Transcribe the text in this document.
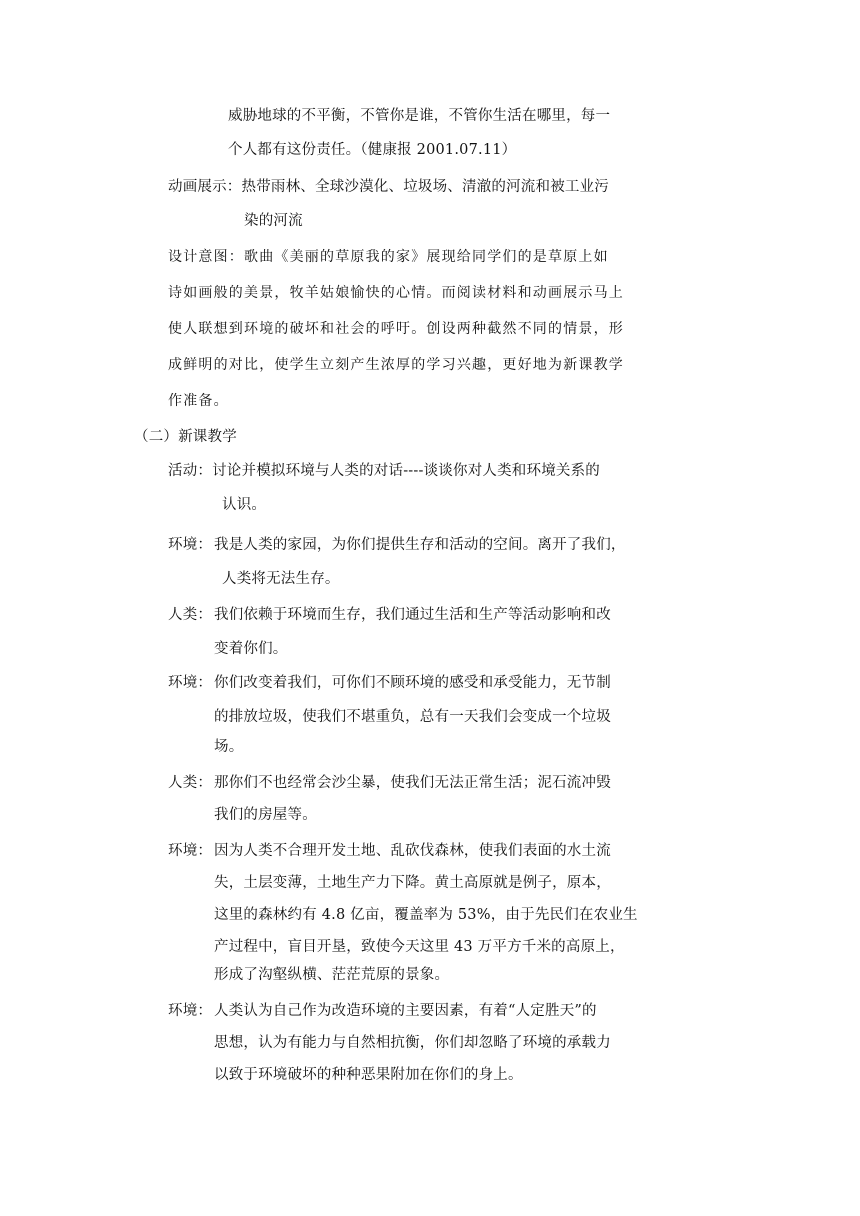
威胁地球的不平衡，不管你是谁，不管你生活在哪里，每一
个人都有这份责任。（健康报 2001.07.11）
动画展示：热带雨林、全球沙漠化、垃圾场、清澈的河流和被工业污
染的河流
设计意图：歌曲《美丽的草原我的家》展现给同学们的是草原上如
诗如画般的美景，牧羊姑娘愉快的心情。而阅读材料和动画展示马上
使人联想到环境的破坏和社会的呼吁。创设两种截然不同的情景，形
成鲜明的对比，使学生立刻产生浓厚的学习兴趣，更好地为新课教学
作准备。
（二）新课教学
活动：讨论并模拟环境与人类的对话----谈谈你对人类和环境关系的
认识。
环境： 我是人类的家园，为你们提供生存和活动的空间。离开了我们，
人类将无法生存。
人类： 我们依赖于环境而生存，我们通过生活和生产等活动影响和改
变着你们。
环境： 你们改变着我们，可你们不顾环境的感受和承受能力，无节制
的排放垃圾，使我们不堪重负，总有一天我们会变成一个垃圾
场。
人类： 那你们不也经常会沙尘暴，使我们无法正常生活；泥石流冲毁
我们的房屋等。
环境： 因为人类不合理开发土地、乱砍伐森林，使我们表面的水土流
失，土层变薄，土地生产力下降。黄土高原就是例子，原本，
这里的森林约有 4.8 亿亩，覆盖率为 53%，由于先民们在农业生
产过程中，盲目开垦，致使今天这里 43 万平方千米的高原上，
形成了沟壑纵横、茫茫荒原的景象。
环境： 人类认为自己作为改造环境的主要因素，有着“人定胜天”的
思想，认为有能力与自然相抗衡，你们却忽略了环境的承载力
以致于环境破坏的种种恶果附加在你们的身上。
